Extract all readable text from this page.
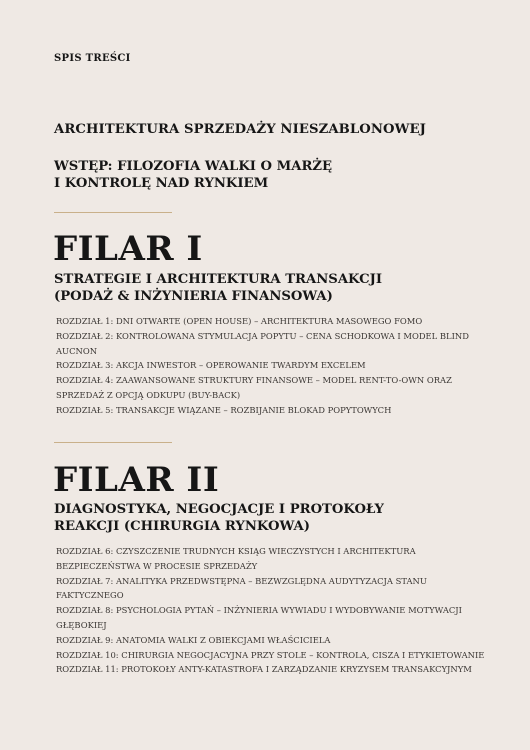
SPIS TREŚCI
ARCHITEKTURA SPRZEDAŻY NIESZABLONOWEJ
WSTĘP: FILOZOFIA WALKI O MARŻĘ
I KONTROLĘ NAD RYNKIEM
FILAR I
STRATEGIE I ARCHITEKTURA TRANSAKCJI
(PODAŻ & INŻYNIERIA FINANSOWA)
ROZDZIAŁ 1: DNI OTWARTE (OPEN HOUSE) – ARCHITEKTURA MASOWEGO FOMO
ROZDZIAŁ 2: KONTROLOWANA STYMULACJA POPYTU – CENA SCHODKOWA I MODEL BLIND
AUCNON
ROZDZIAŁ 3: AKCJA INWESTOR – OPEROWANIE TWARDYM EXCELEM
ROZDZIAŁ 4: ZAAWANSOWANE STRUKTURY FINANSOWE – MODEL RENT-TO-OWN ORAZ
SPRZEDAŻ Z OPCJĄ ODKUPU (BUY-BACK)
ROZDZIAŁ 5: TRANSAKCJE WIĄZANE – ROZBIJANIE BLOKAD POPYTOWYCH
FILAR II
DIAGNOSTYKA, NEGOCJACJE I PROTOKOŁY
REAKCJI (CHIRURGIA RYNKOWA)
ROZDZIAŁ 6: CZYSZCZENIE TRUDNYCH KSIĄG WIECZYSTYCH I ARCHITEKTURA
BEZPIECZEŃSTWA W PROCESIE SPRZEDAŻY
ROZDZIAŁ 7: ANALITYKA PRZEDWSTĘPNA – BEZWZGLĘDNA AUDYTYZACJA STANU
FAKTYCZNEGO
ROZDZIAŁ 8: PSYCHOLOGIA PYTAŃ – INŻYNIERIA WYWIADU I WYDOBYWANIE MOTYWACJI
GŁĘBOKIEJ
ROZDZIAŁ 9: ANATOMIA WALKI Z OBIEKCJAMI WŁAŚCICIELA
ROZDZIAŁ 10: CHIRURGIA NEGOCJACYJNA PRZY STOLE – KONTROLA, CISZA I ETYKIETOWANIE
ROZDZIAŁ 11: PROTOKOŁY ANTY-KATASTROFA I ZARZĄDZANIE KRYZYSEM TRANSAKCYJNYM
